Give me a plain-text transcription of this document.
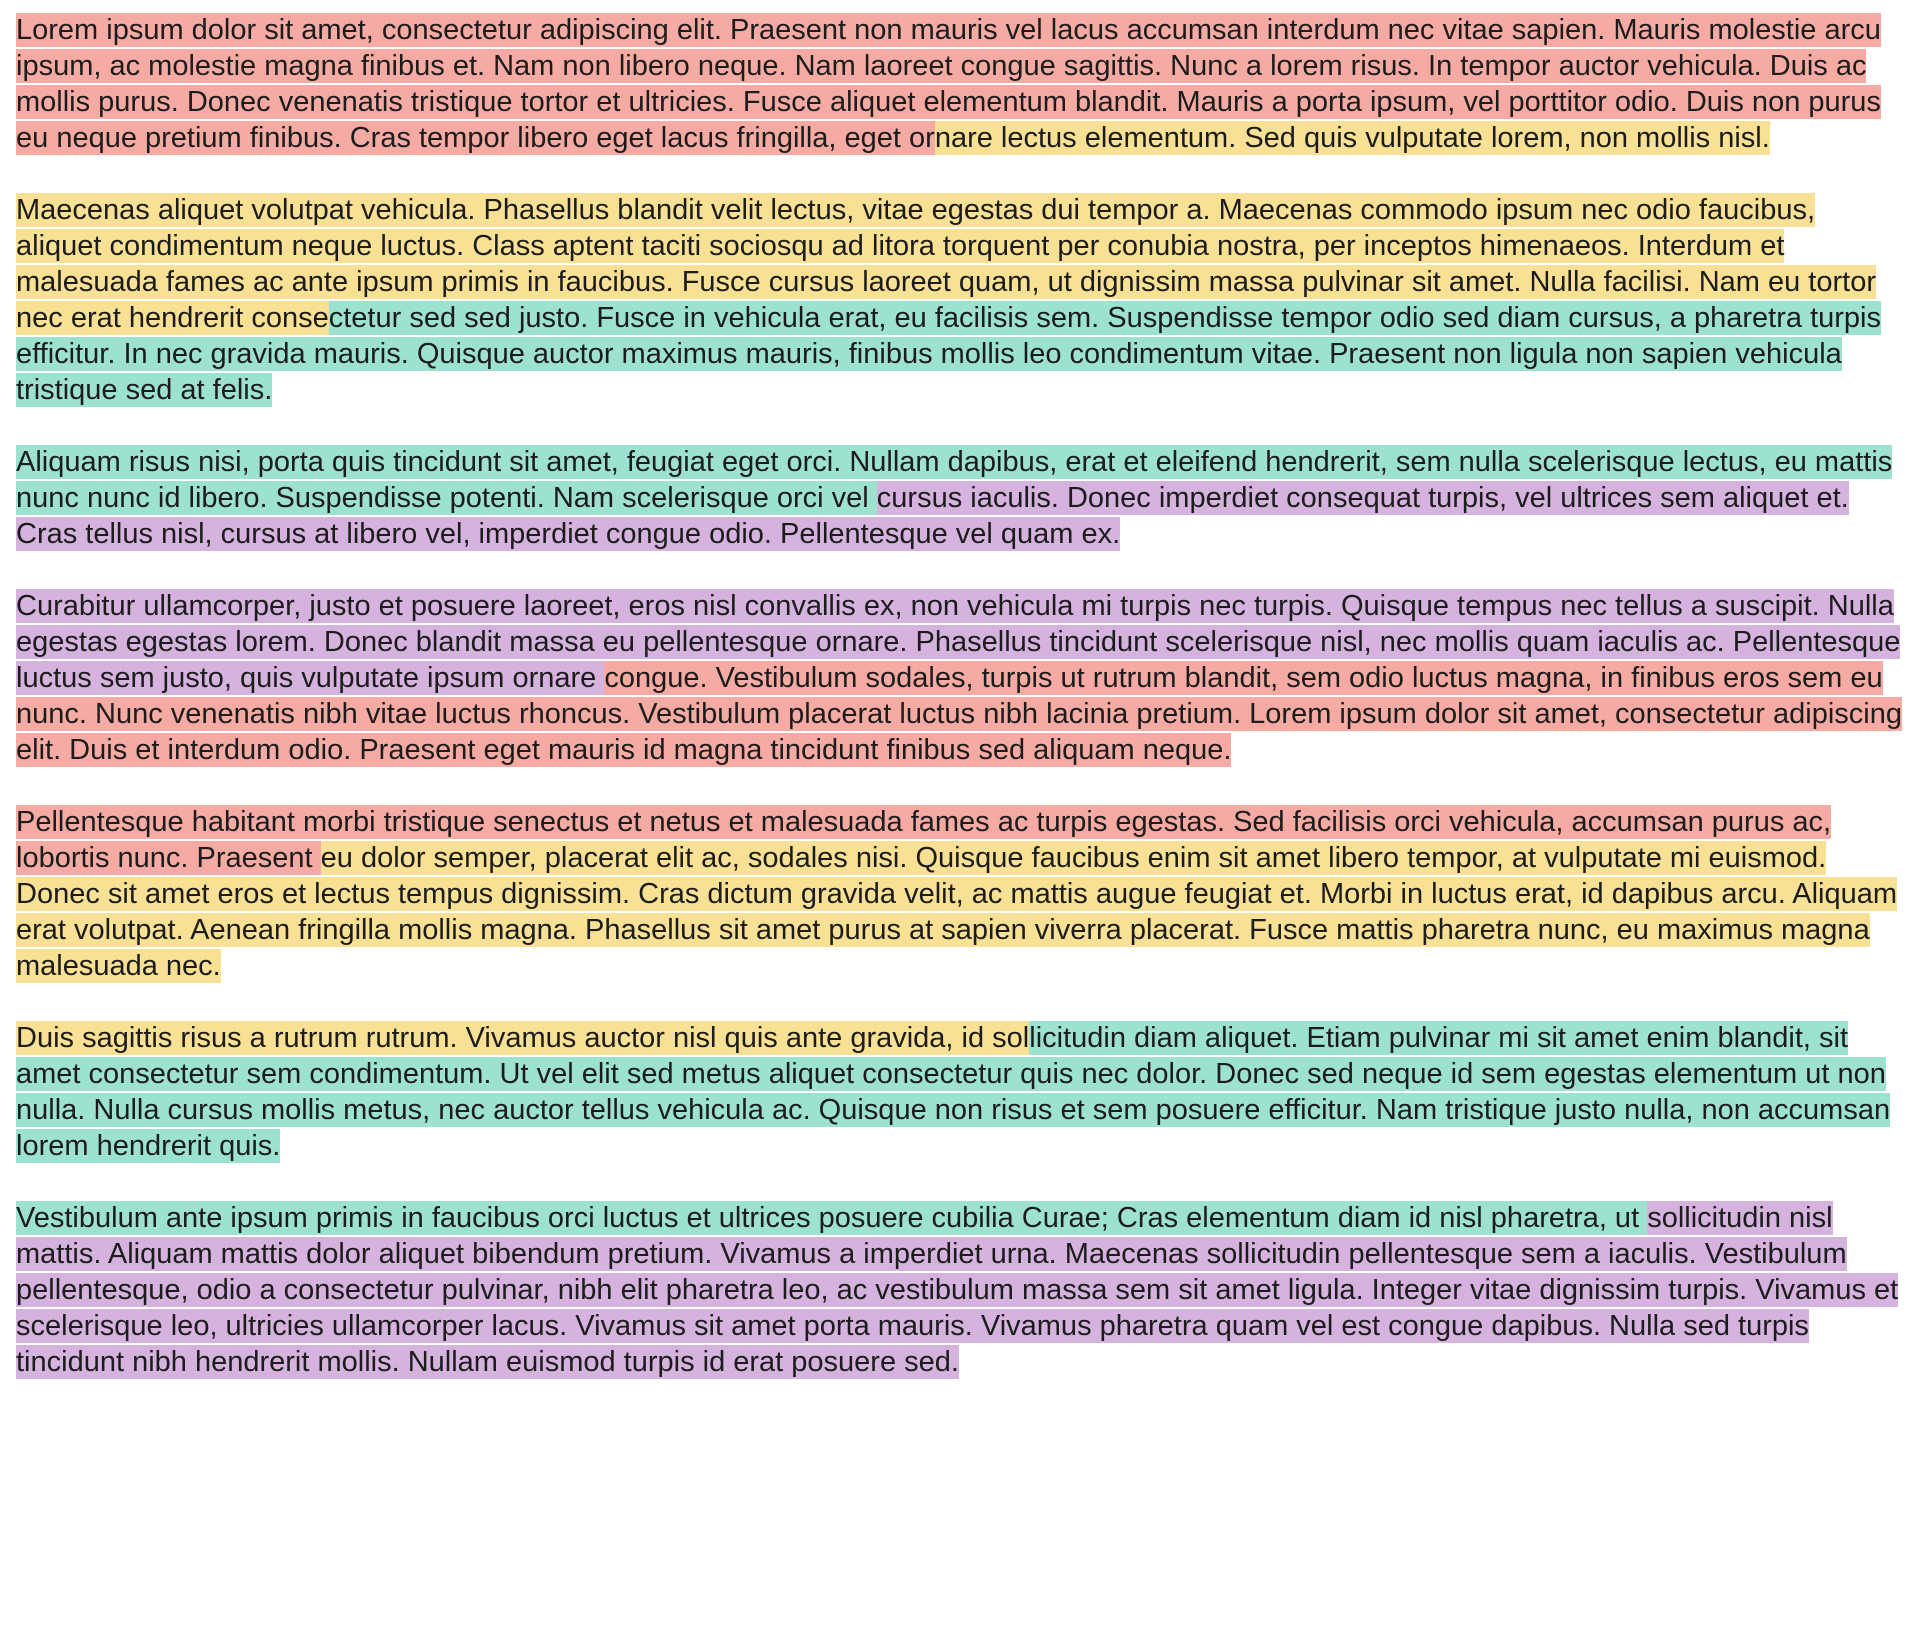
Lorem ipsum dolor sit amet, consectetur adipiscing elit. Praesent non mauris vel lacus accumsan interdum nec vitae sapien. Mauris molestie arcu ipsum, ac molestie magna finibus et. Nam non libero neque. Nam laoreet congue sagittis. Nunc a lorem risus. In tempor auctor vehicula. Duis ac mollis purus. Donec venenatis tristique tortor et ultricies. Fusce aliquet elementum blandit. Mauris a porta ipsum, vel porttitor odio. Duis non purus eu neque pretium finibus. Cras tempor libero eget lacus fringilla, eget ornare lectus elementum. Sed quis vulputate lorem, non mollis nisl.

Maecenas aliquet volutpat vehicula. Phasellus blandit velit lectus, vitae egestas dui tempor a. Maecenas commodo ipsum nec odio faucibus, aliquet condimentum neque luctus. Class aptent taciti sociosqu ad litora torquent per conubia nostra, per inceptos himenaeos. Interdum et malesuada fames ac ante ipsum primis in faucibus. Fusce cursus laoreet quam, ut dignissim massa pulvinar sit amet. Nulla facilisi. Nam eu tortor nec erat hendrerit consectetur sed sed justo. Fusce in vehicula erat, eu facilisis sem. Suspendisse tempor odio sed diam cursus, a pharetra turpis efficitur. In nec gravida mauris. Quisque auctor maximus mauris, finibus mollis leo condimentum vitae. Praesent non ligula non sapien vehicula tristique sed at felis.

Aliquam risus nisi, porta quis tincidunt sit amet, feugiat eget orci. Nullam dapibus, erat et eleifend hendrerit, sem nulla scelerisque lectus, eu mattis nunc nunc id libero. Suspendisse potenti. Nam scelerisque orci vel cursus iaculis. Donec imperdiet consequat turpis, vel ultrices sem aliquet et. Cras tellus nisl, cursus at libero vel, imperdiet congue odio. Pellentesque vel quam ex.

Curabitur ullamcorper, justo et posuere laoreet, eros nisl convallis ex, non vehicula mi turpis nec turpis. Quisque tempus nec tellus a suscipit. Nulla egestas egestas lorem. Donec blandit massa eu pellentesque ornare. Phasellus tincidunt scelerisque nisl, nec mollis quam iaculis ac. Pellentesque luctus sem justo, quis vulputate ipsum ornare congue. Vestibulum sodales, turpis ut rutrum blandit, sem odio luctus magna, in finibus eros sem eu nunc. Nunc venenatis nibh vitae luctus rhoncus. Vestibulum placerat luctus nibh lacinia pretium. Lorem ipsum dolor sit amet, consectetur adipiscing elit. Duis et interdum odio. Praesent eget mauris id magna tincidunt finibus sed aliquam neque.

Pellentesque habitant morbi tristique senectus et netus et malesuada fames ac turpis egestas. Sed facilisis orci vehicula, accumsan purus ac, lobortis nunc. Praesent eu dolor semper, placerat elit ac, sodales nisi. Quisque faucibus enim sit amet libero tempor, at vulputate mi euismod. Donec sit amet eros et lectus tempus dignissim. Cras dictum gravida velit, ac mattis augue feugiat et. Morbi in luctus erat, id dapibus arcu. Aliquam erat volutpat. Aenean fringilla mollis magna. Phasellus sit amet purus at sapien viverra placerat. Fusce mattis pharetra nunc, eu maximus magna malesuada nec.

Duis sagittis risus a rutrum rutrum. Vivamus auctor nisl quis ante gravida, id sollicitudin diam aliquet. Etiam pulvinar mi sit amet enim blandit, sit amet consectetur sem condimentum. Ut vel elit sed metus aliquet consectetur quis nec dolor. Donec sed neque id sem egestas elementum ut non nulla. Nulla cursus mollis metus, nec auctor tellus vehicula ac. Quisque non risus et sem posuere efficitur. Nam tristique justo nulla, non accumsan lorem hendrerit quis.

Vestibulum ante ipsum primis in faucibus orci luctus et ultrices posuere cubilia Curae; Cras elementum diam id nisl pharetra, ut sollicitudin nisl mattis. Aliquam mattis dolor aliquet bibendum pretium. Vivamus a imperdiet urna. Maecenas sollicitudin pellentesque sem a iaculis. Vestibulum pellentesque, odio a consectetur pulvinar, nibh elit pharetra leo, ac vestibulum massa sem sit amet ligula. Integer vitae dignissim turpis. Vivamus et scelerisque leo, ultricies ullamcorper lacus. Vivamus sit amet porta mauris. Vivamus pharetra quam vel est congue dapibus. Nulla sed turpis tincidunt nibh hendrerit mollis. Nullam euismod turpis id erat posuere sed.
